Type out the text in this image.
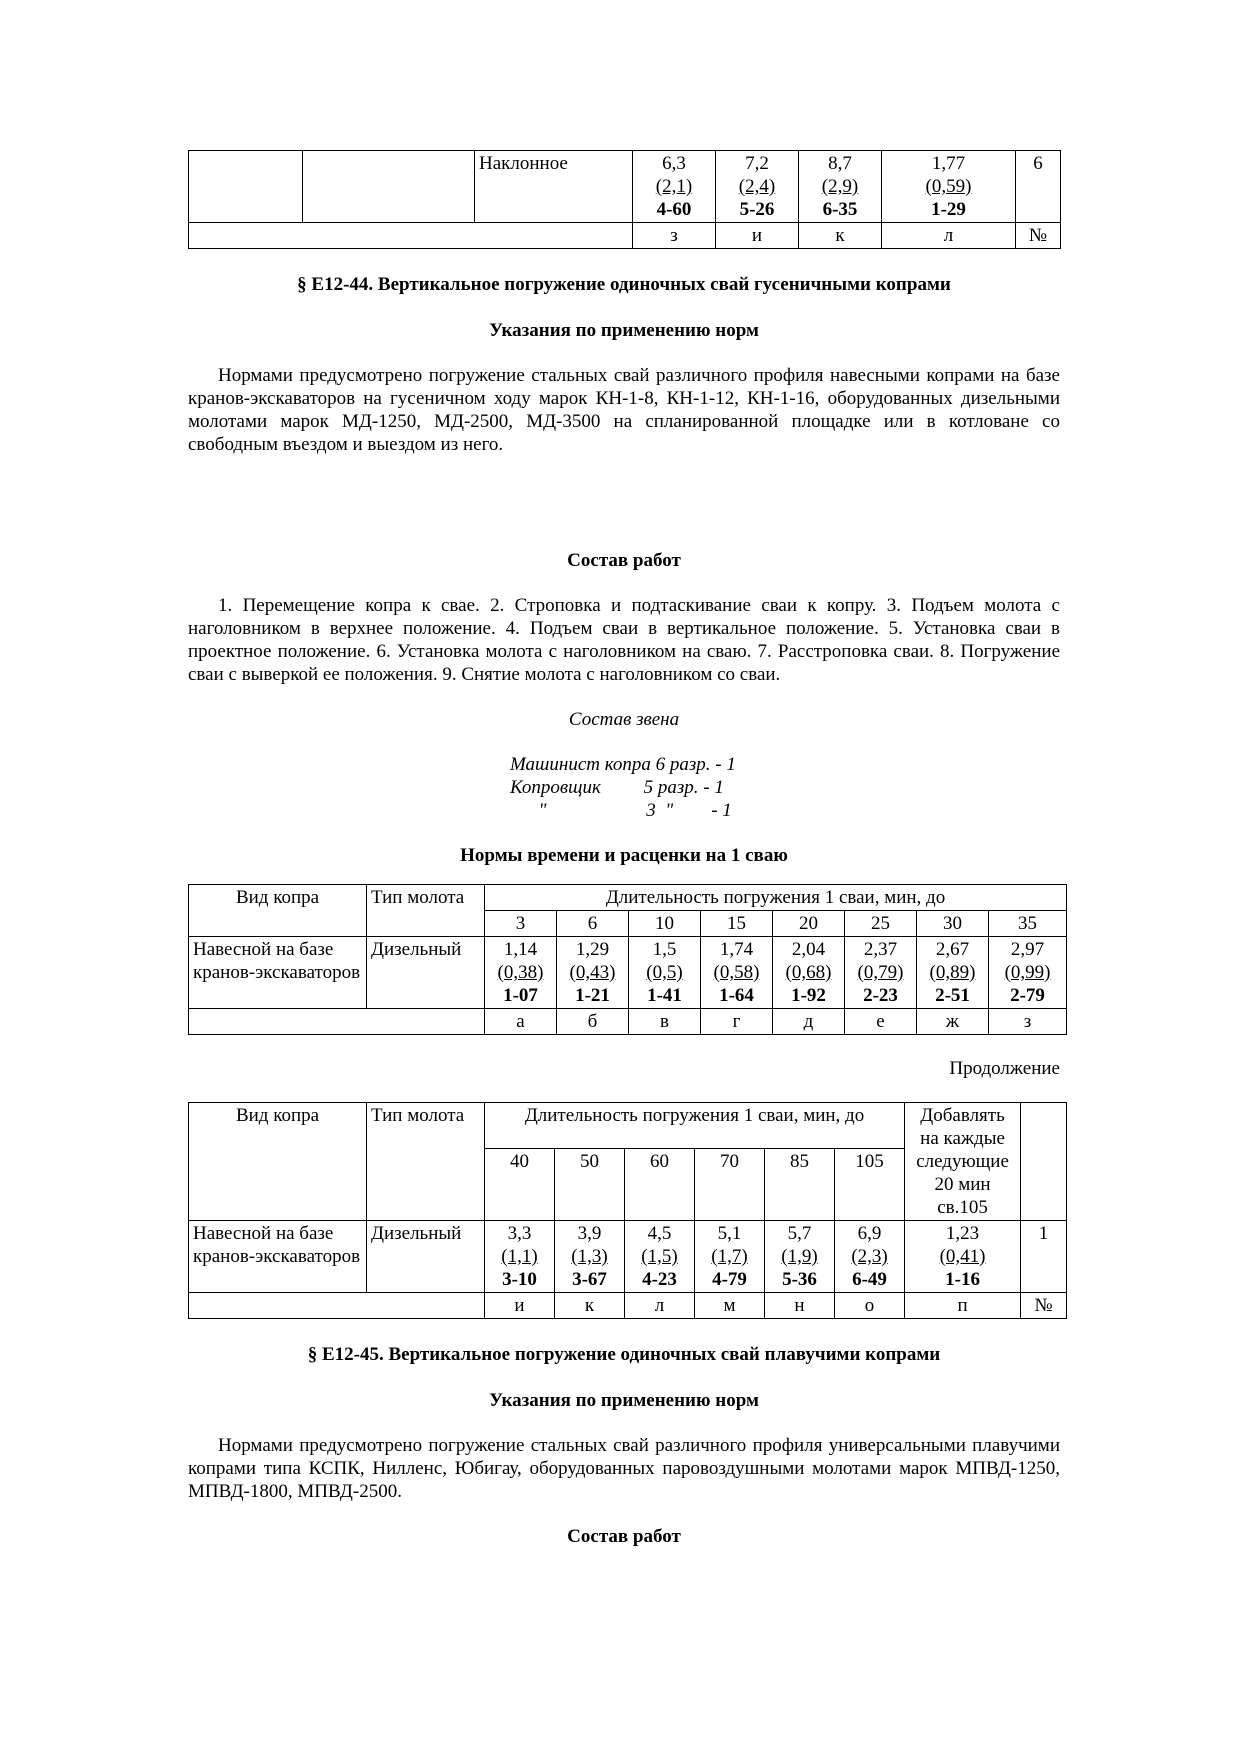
		Наклонное	6,3
(2,1)
4-60	7,2
(2,4)
5-26	8,7
(2,9)
6-35	1,77
(0,59)
1-29	6
			з	и	к	л	№
§ Е12-44. Вертикальное погружение одиночных свай гусеничными копрами
Указания по применению норм

Нормами предусмотрено погружение стальных свай различного профиля навесными копрами на базе кранов-экскаваторов на гусеничном ходу марок КН-1-8, КН-1-12, КН-1-16, оборудованных дизельными молотами марок МД-1250, МД-2500, МД-3500 на спланированной площадке или в котловане со свободным въездом и выездом из него.

Состав работ

1. Перемещение копра к свае. 2. Строповка и подтаскивание сваи к копру. 3. Подъем молота с наголовником в верхнее положение. 4. Подъем сваи в вертикальное положение. 5. Установка сваи в проектное положение. 6. Установка молота с наголовником на сваю. 7. Расстроповка сваи. 8. Погружение сваи с выверкой ее положения. 9. Снятие молота с наголовником со сваи.

Состав звена
Машинист копра 6 разр. - 1
Копровщик         5 разр. - 1
"                     3  "        - 1
Нормы времени и расценки на 1 сваю
Вид копра	Тип молота	Длительность погружения 1 сваи, мин, до							
		3	6	10	15	20	25	30	35
Навесной на базе кранов-экскаваторов	Дизельный	1,14
(0,38)
1-07	1,29
(0,43)
1-21	1,5
(0,5)
1-41	1,74
(0,58)
1-64	2,04
(0,68)
1-92	2,37
(0,79)
2-23	2,67
(0,89)
2-51	2,97
(0,99)
2-79

		а	б	в	г	д	е	ж	з
Продолжение
Вид копра	Тип молота	Длительность погружения 1 сваи, мин, до						Добавлять на каждые следующие 20 мин св.105	
		40	50	60	70	85	105		
Навесной на базе кранов-экскаваторов	Дизельный	3,3
(1,1)
3-10	3,9
(1,3)
3-67	4,5
(1,5)
4-23	5,1
(1,7)
4-79	5,7
(1,9)
5-36	6,9
(2,3)
6-49	1,23
(0,41)
1-16	1
		и	к	л	м	н	о	п	№
§ Е12-45. Вертикальное погружение одиночных свай плавучими копрами
Указания по применению норм

Нормами предусмотрено погружение стальных свай различного профиля универсальными плавучими копрами типа КСПК, Нилленс, Юбигау, оборудованных паровоздушными молотами марок МПВД-1250, МПВД-1800, МПВД-2500.

Состав работ
